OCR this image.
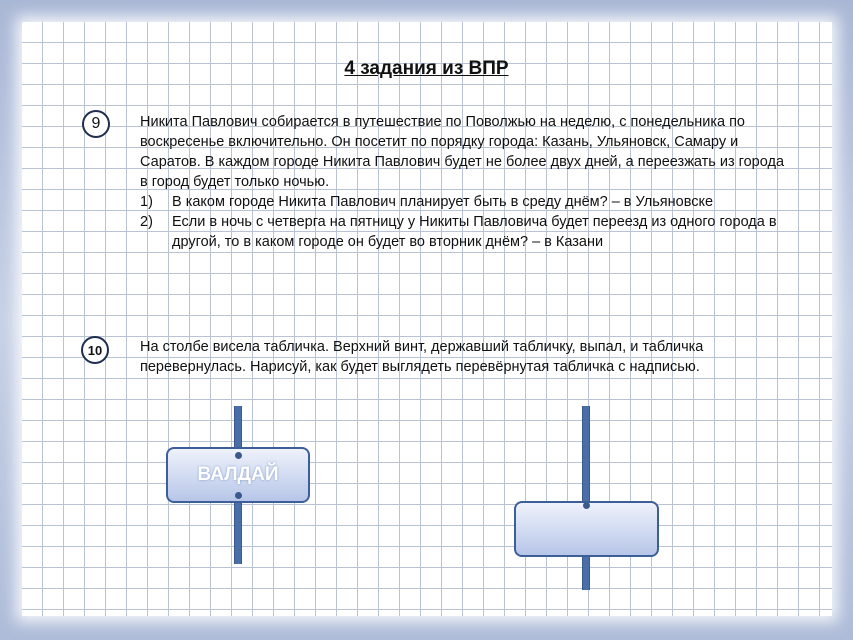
4 задания из ВПР
9	Никита Павлович собирается в путешествие по Поволжью на неделю, с понедельника по
воскресенье включительно. Он посетит по порядку города: Казань, Ульяновск, Самару и
Саратов. В каждом городе Никита Павлович будет не более двух дней, а переезжать из города
в город будет только ночью.
1)	В каком городе Никита Павлович планирует быть в среду днём? – в Ульяновске
2)	Если в ночь с четверга на пятницу у Никиты Павловича будет переезд из одного города в
другой, то в каком городе он будет во вторник днём? – в Казани
10	На столбе висела табличка. Верхний винт, державший табличку, выпал, и табличка
перевернулась. Нарисуй, как будет выглядеть перевёрнутая табличка с надписью.
ВАЛДАЙ
